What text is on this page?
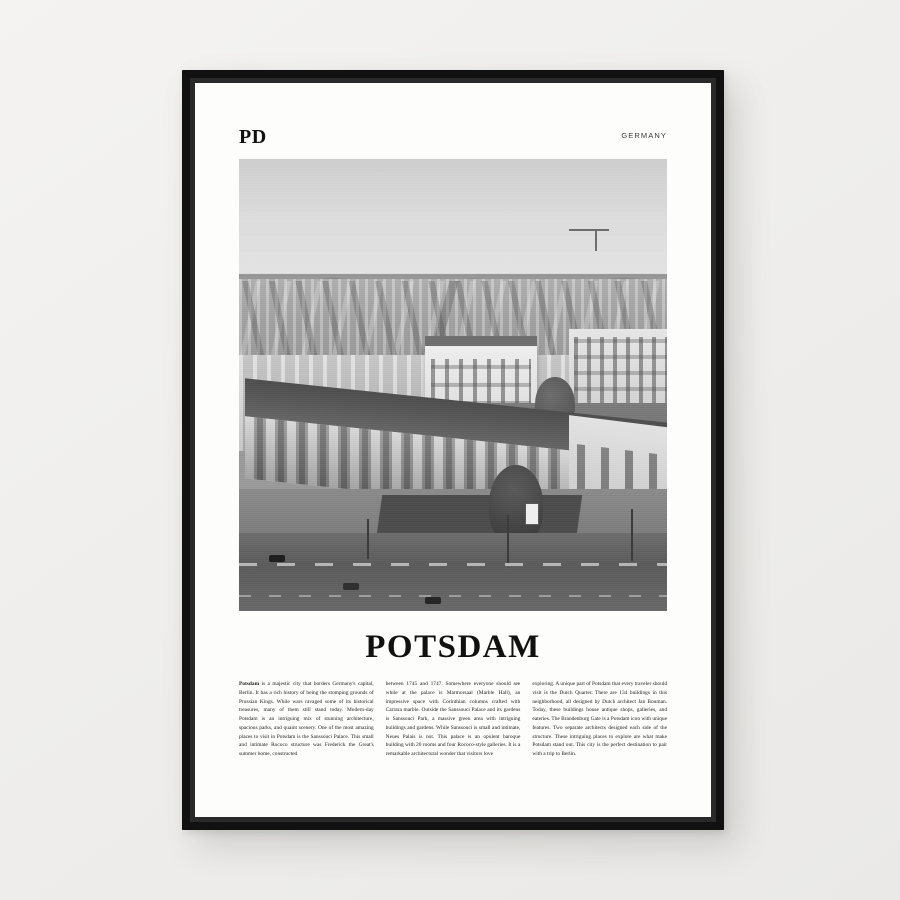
PD	GERMANY
POTSDAM
Potsdam is a majestic city that borders Germany's capital, Berlin. It has a rich history of being the stomping grounds of Prussian Kings. While wars ravaged some of its historical treasures, many of them still stand today. Modern-day Potsdam is an intriguing mix of stunning architecture, spacious parks, and quaint scenery. One of the most amazing places to visit in Potsdam is the Sanssouci Palace. This small and intimate Rococo structure was Frederick the Great's summer home, constructed
between 1745 and 1747. Somewhere everyone should see while at the palace is Marmorsaal (Marble Hall), an impressive space with Corinthian columns crafted with Carrara marble. Outside the Sanssouci Palace and its gardens is Sanssouci Park, a massive green area with intriguing buildings and gardens. While Sanssouci is small and intimate, Neues Palais is not. This palace is an opulent baroque building with 20 rooms and four Rococo-style galleries. It is a remarkable architectural wonder that visitors love
exploring. A unique part of Potsdam that every traveler should visit is the Dutch Quarter. There are 134 buildings in this neighborhood, all designed by Dutch architect Jan Bouman. Today, these buildings house antique shops, galleries, and eateries. The Brandenburg Gate is a Potsdam icon with unique features. Two separate architects designed each side of the structure. These intriguing places to explore are what make Potsdam stand out. This city is the perfect destination to pair with a trip to Berlin.
